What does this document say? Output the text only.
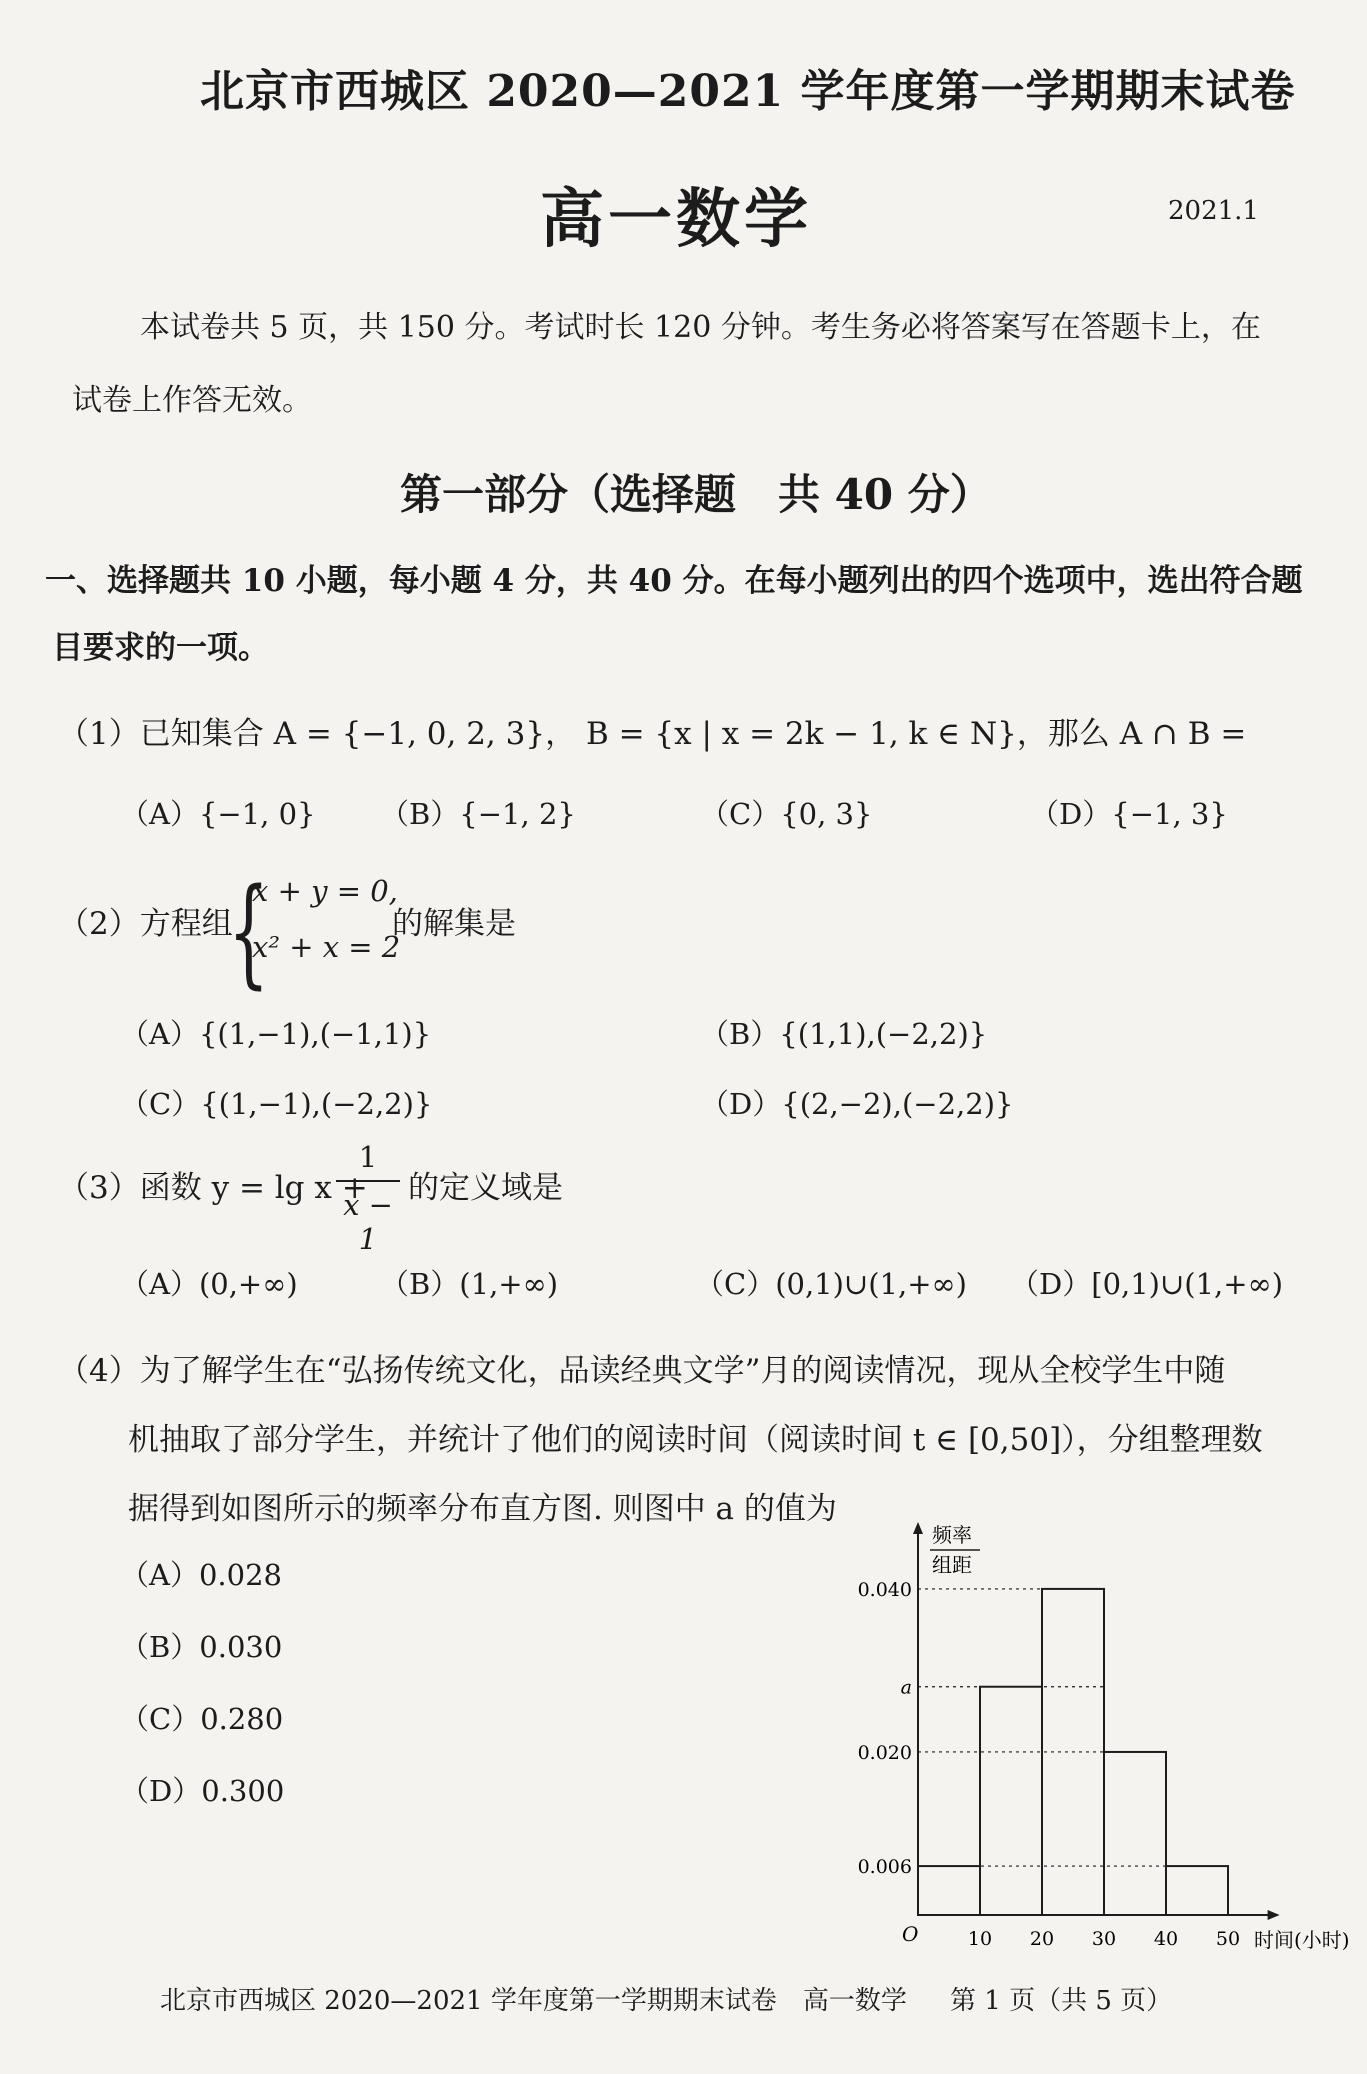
北京市西城区 2020—2021 学年度第一学期期末试卷
高一数学	2021.1
本试卷共 5 页，共 150 分。考试时长 120 分钟。考生务必将答案写在答题卡上，在
试卷上作答无效。
第一部分（选择题　共 40 分）
一、选择题共 10 小题，每小题 4 分，共 40 分。在每小题列出的四个选项中，选出符合题
目要求的一项。
（1）已知集合 A = {−1, 0, 2, 3}， B = {x | x = 2k − 1, k ∈ N}，那么 A ∩ B =
（A）{−1, 0} （B）{−1, 2}	（C）{0, 3}	（D）{−1, 3}
（2）方程组
{
x + y = 0,
x² + x = 2
的解集是
（A）{(1,−1),(−1,1)}	（B）{(1,1),(−2,2)}
（C）{(1,−1),(−2,2)}	（D）{(2,−2),(−2,2)}
（3）函数 y = lg x +
1
x − 1
的定义域是
（A）(0,+∞)	（B）(1,+∞)	（C）(0,1)∪(1,+∞) （D）[0,1)∪(1,+∞)
（4）为了解学生在“弘扬传统文化，品读经典文学”月的阅读情况，现从全校学生中随
机抽取了部分学生，并统计了他们的阅读时间（阅读时间 t ∈ [0,50]），分组整理数
据得到如图所示的频率分布直方图. 则图中 a 的值为
（A）0.028
（B）0.030
（C）0.280
（D）0.300
0.040
a
0.020
0.006
10 20 30 40 50
O	时间(小时)
频率
组距
北京市西城区 2020—2021 学年度第一学期期末试卷　高一数学 第 1 页（共 5 页）
